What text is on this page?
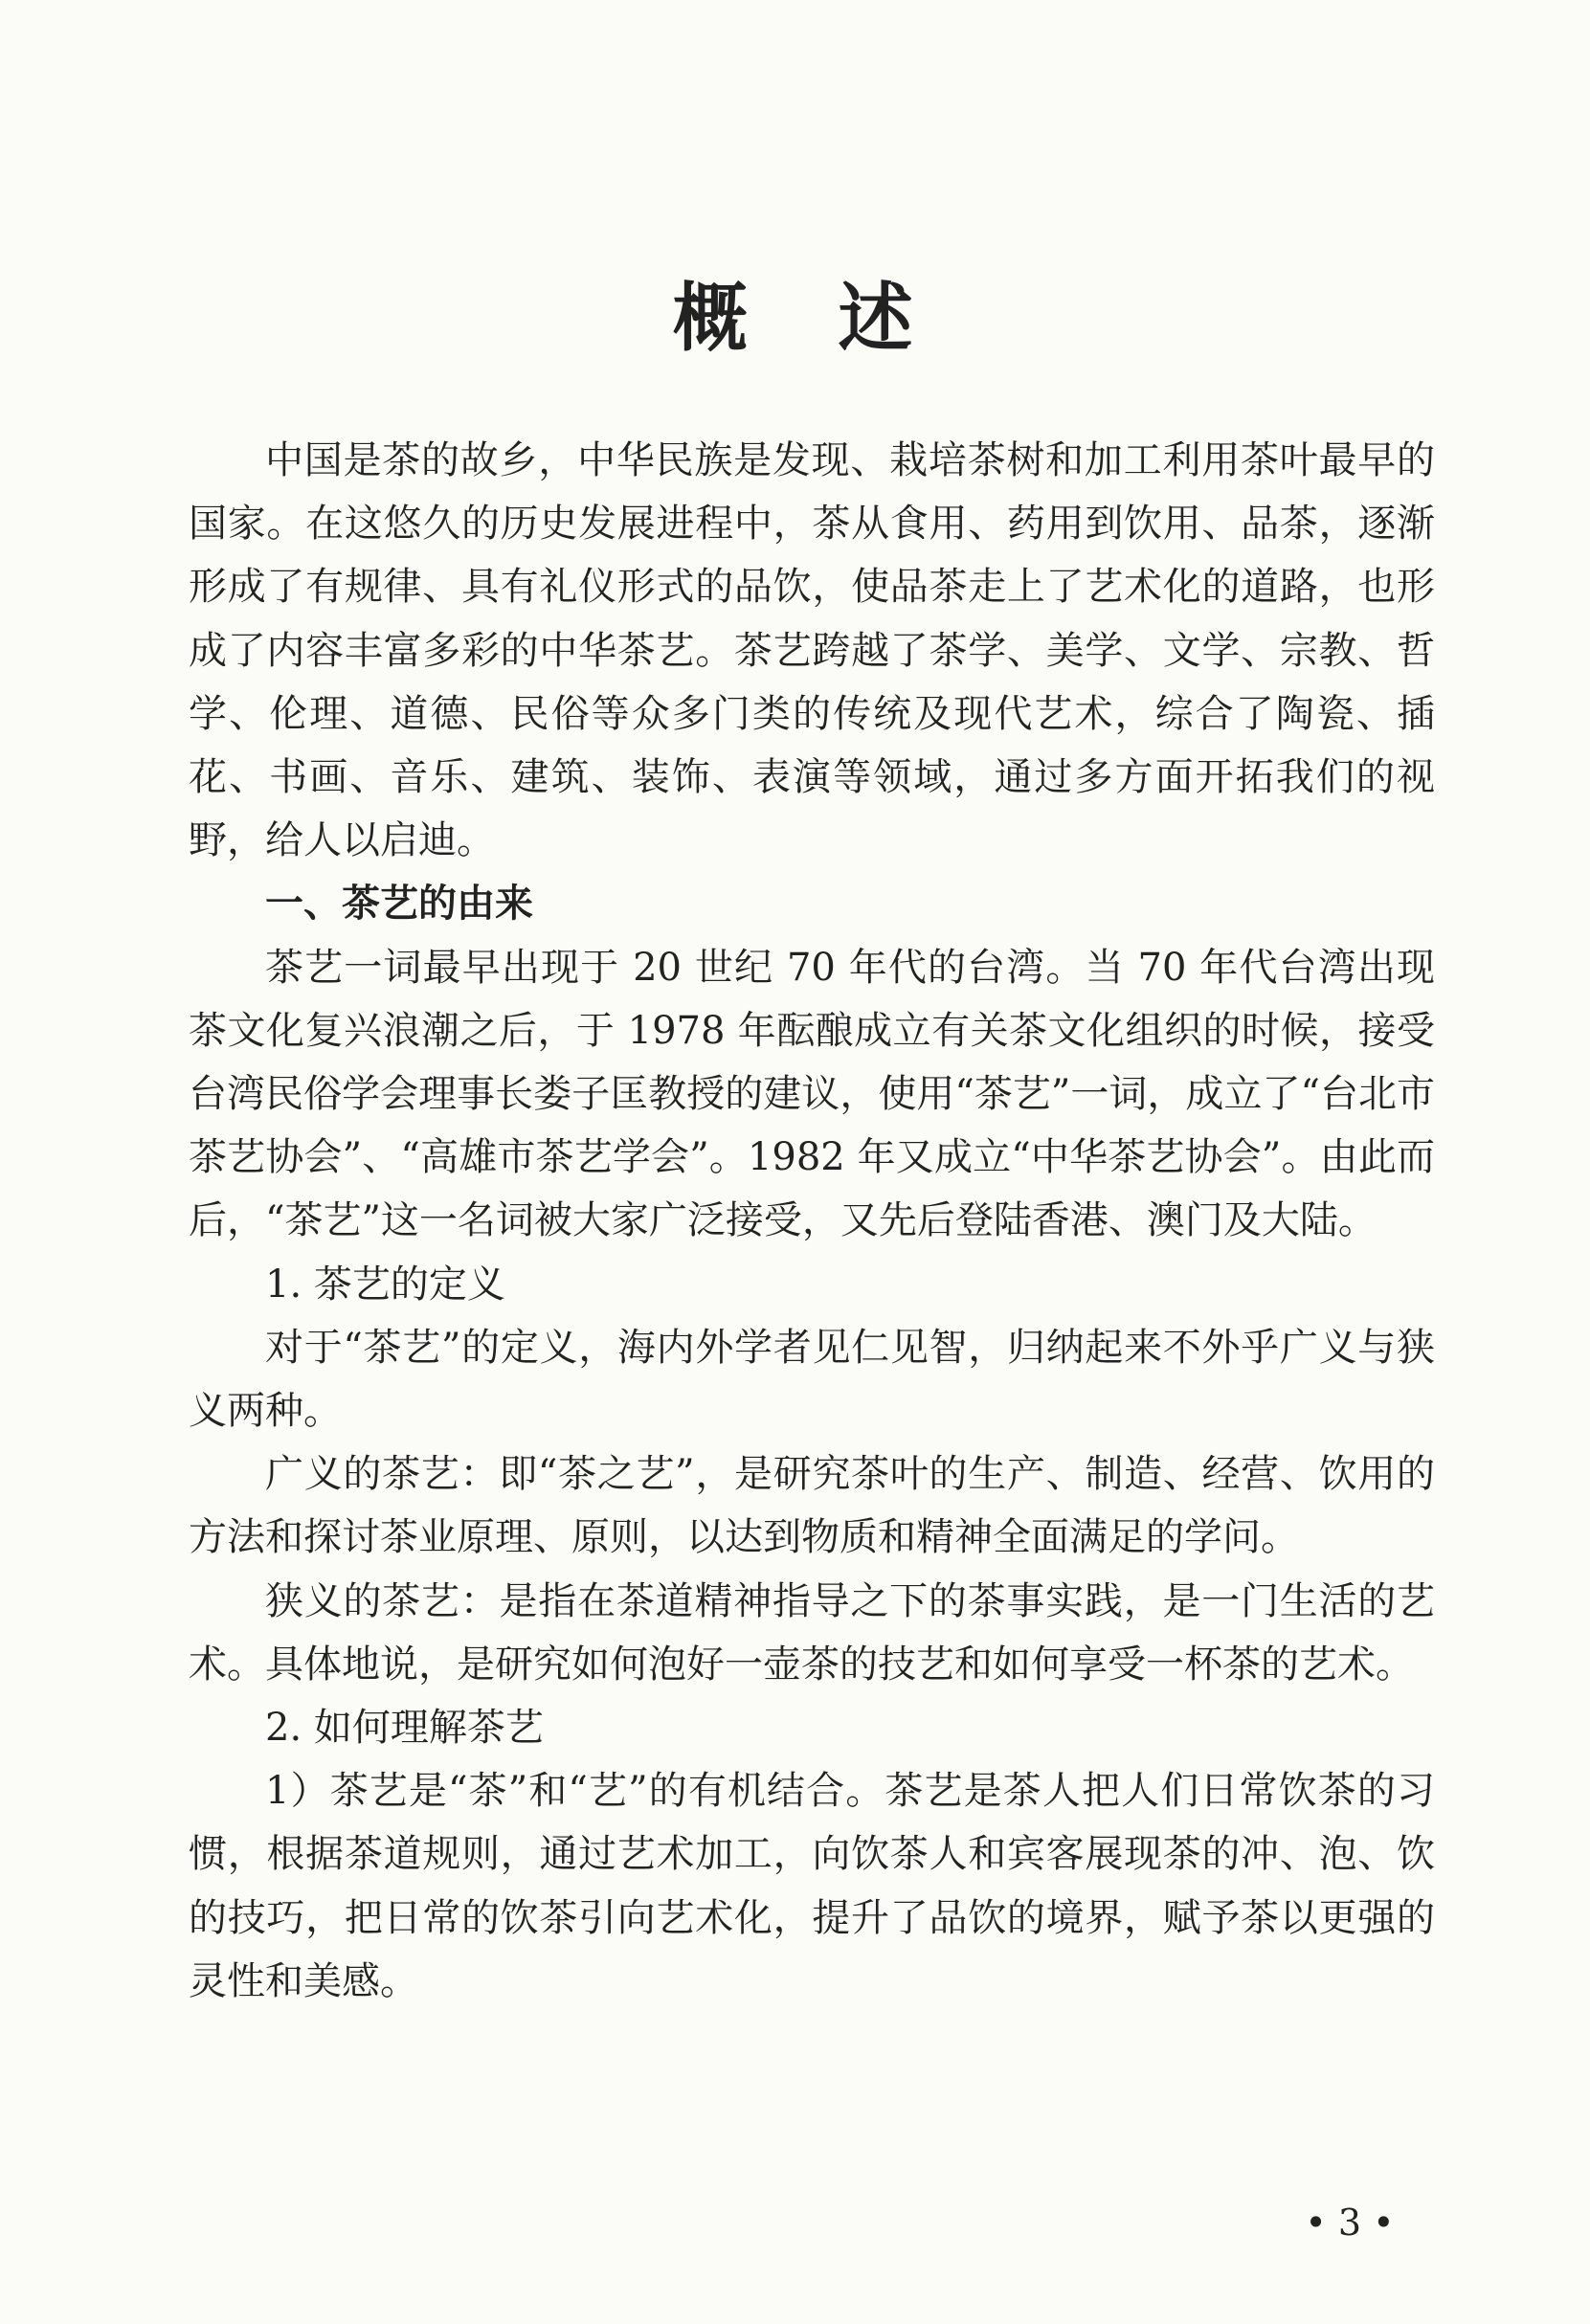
概 述

中国是茶的故乡，中华民族是发现、栽培茶树和加工利用茶叶最早的国家。在这悠久的历史发展进程中，茶从食用、药用到饮用、品茶，逐渐形成了有规律、具有礼仪形式的品饮，使品茶走上了艺术化的道路，也形成了内容丰富多彩的中华茶艺。茶艺跨越了茶学、美学、文学、宗教、哲学、伦理、道德、民俗等众多门类的传统及现代艺术，综合了陶瓷、插花、书画、音乐、建筑、装饰、表演等领域，通过多方面开拓我们的视野，给人以启迪。

一、茶艺的由来

茶艺一词最早出现于 20 世纪 70 年代的台湾。当 70 年代台湾出现茶文化复兴浪潮之后，于 1978 年酝酿成立有关茶文化组织的时候，接受台湾民俗学会理事长娄子匡教授的建议，使用“茶艺”一词，成立了“台北市茶艺协会”、“高雄市茶艺学会”。1982 年又成立“中华茶艺协会”。由此而后，“茶艺”这一名词被大家广泛接受，又先后登陆香港、澳门及大陆。

1. 茶艺的定义

对于“茶艺”的定义，海内外学者见仁见智，归纳起来不外乎广义与狭义两种。

广义的茶艺：即“茶之艺”，是研究茶叶的生产、制造、经营、饮用的方法和探讨茶业原理、原则，以达到物质和精神全面满足的学问。

狭义的茶艺：是指在茶道精神指导之下的茶事实践，是一门生活的艺术。具体地说，是研究如何泡好一壶茶的技艺和如何享受一杯茶的艺术。

2. 如何理解茶艺

1）茶艺是“茶”和“艺”的有机结合。茶艺是茶人把人们日常饮茶的习惯，根据茶道规则，通过艺术加工，向饮茶人和宾客展现茶的冲、泡、饮的技巧，把日常的饮茶引向艺术化，提升了品饮的境界，赋予茶以更强的灵性和美感。

• 3 •
